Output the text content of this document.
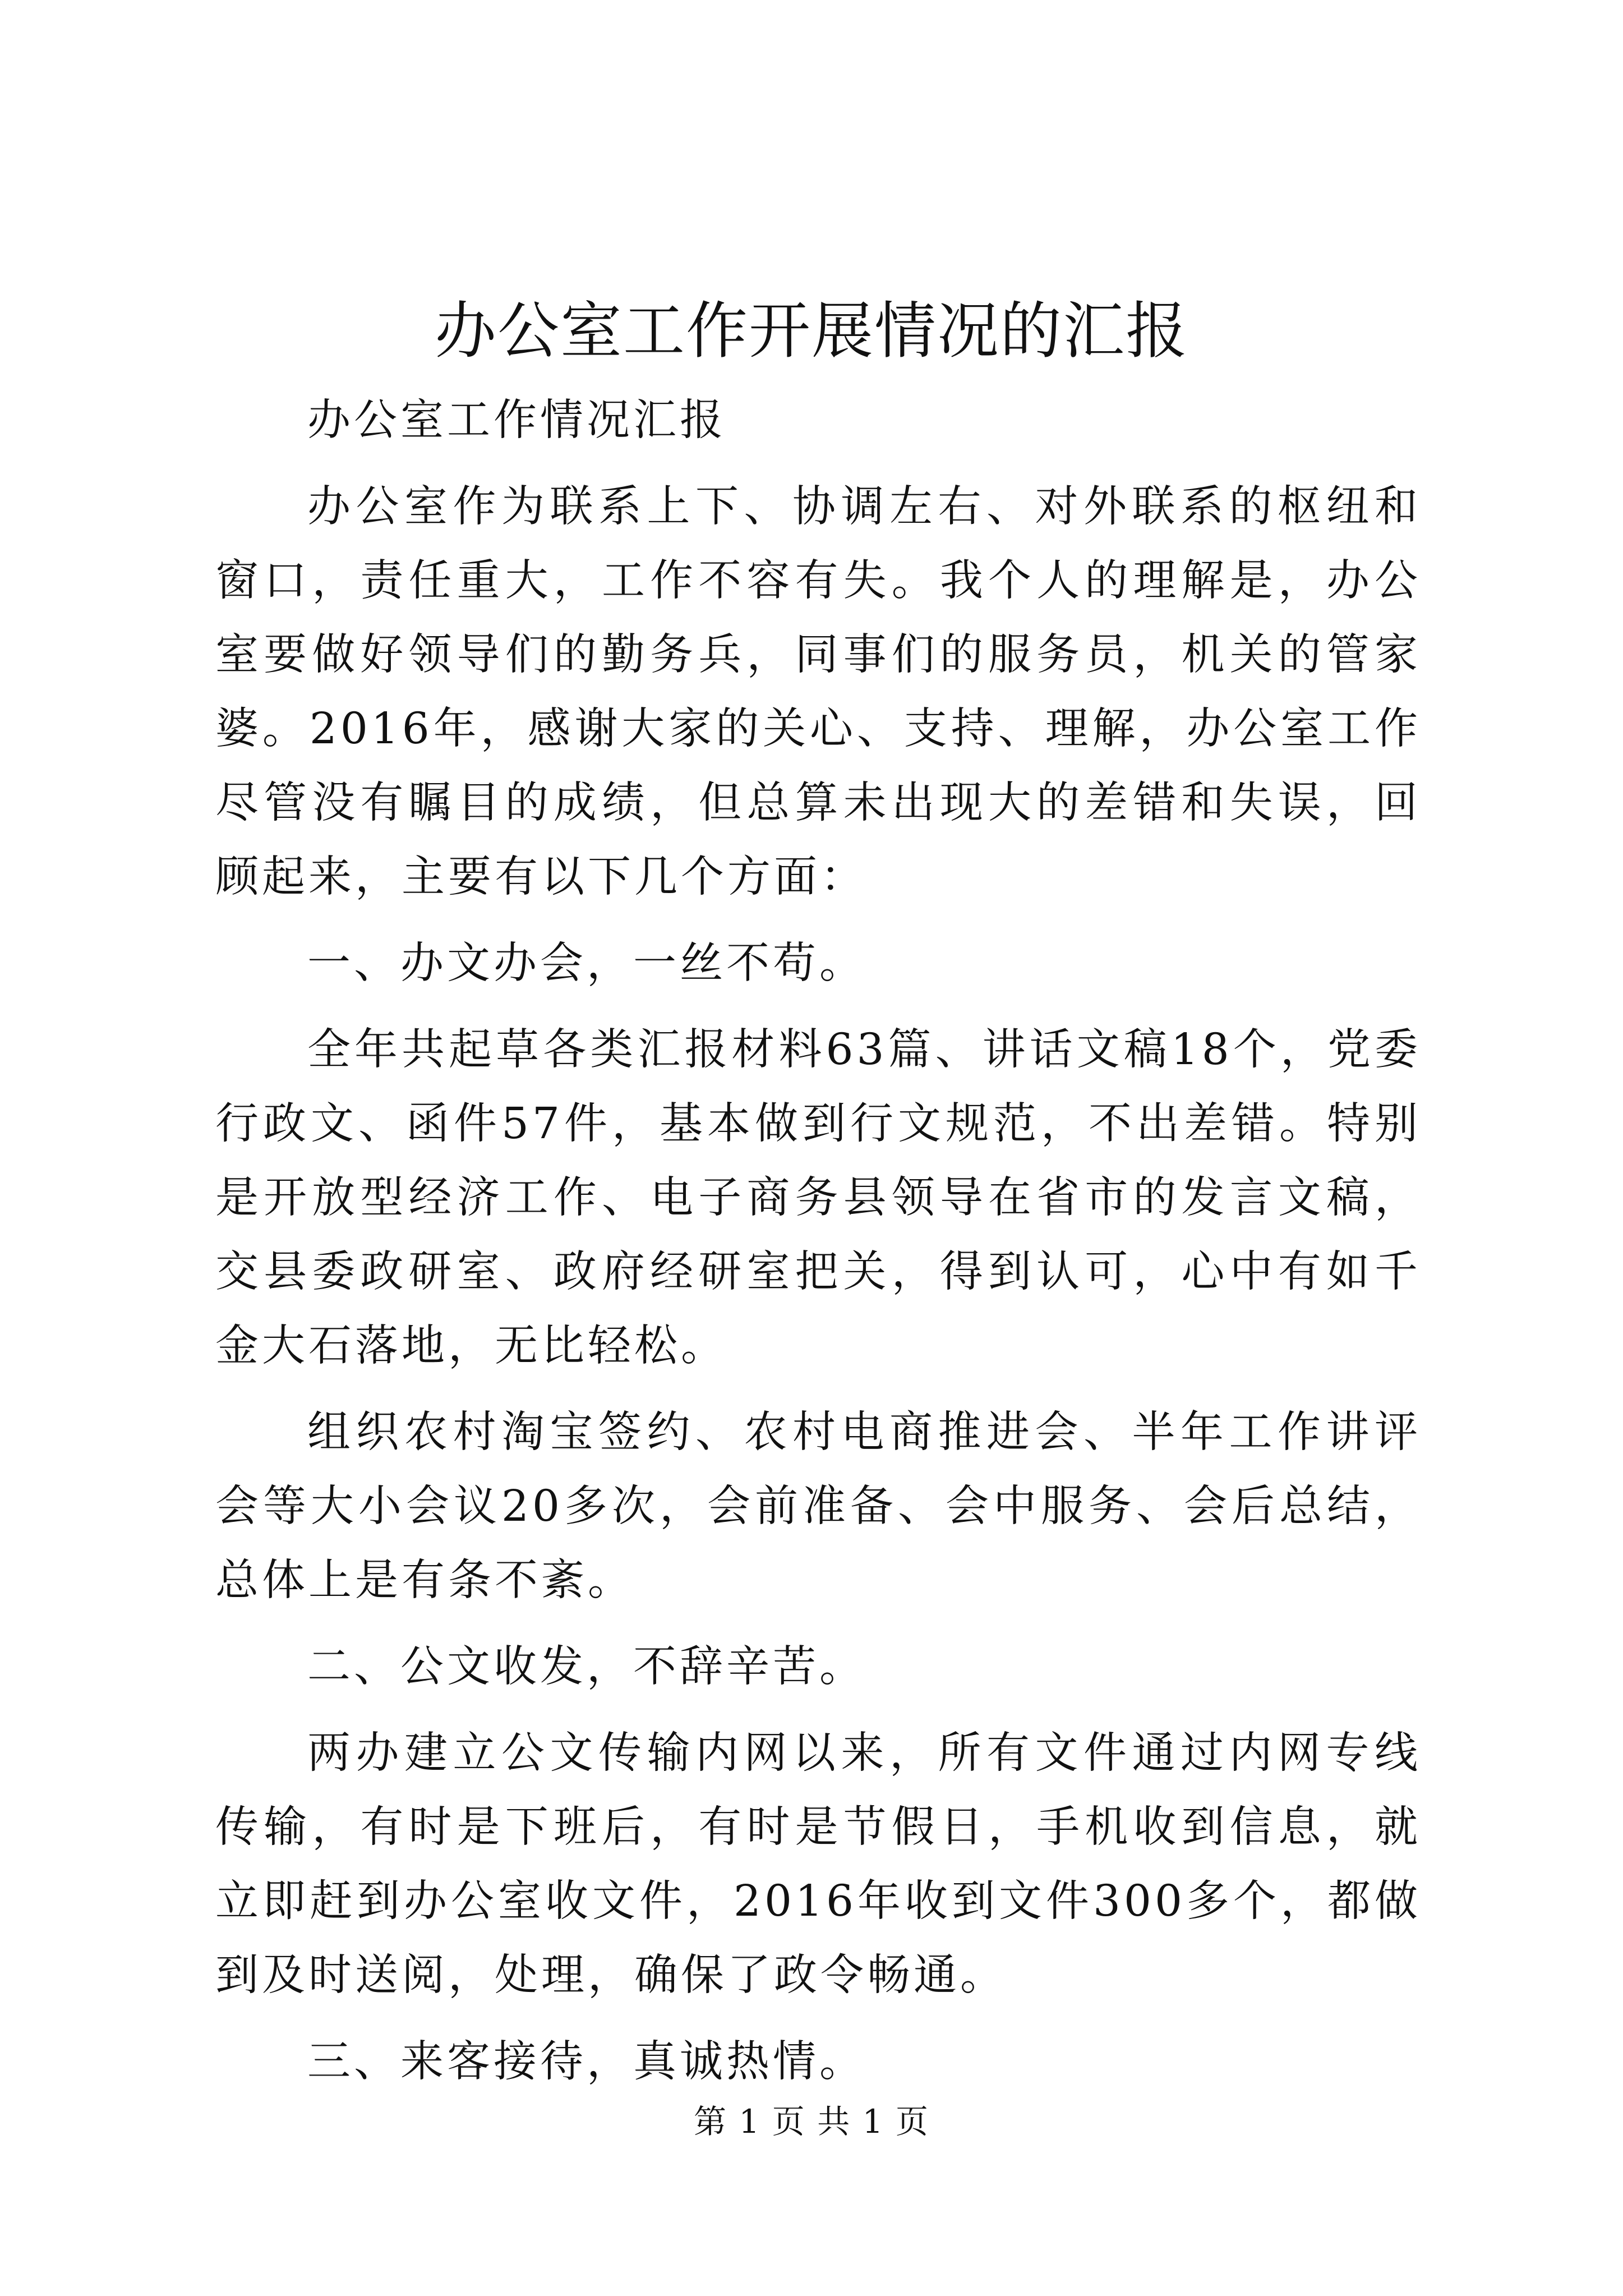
办公室工作开展情况的汇报

办公室工作情况汇报

办公室作为联系上下、协调左右、对外联系的枢纽和窗口，责任重大，工作不容有失。我个人的理解是，办公室要做好领导们的勤务兵，同事们的服务员，机关的管家婆。2016年，感谢大家的关心、支持、理解，办公室工作尽管没有瞩目的成绩，但总算未出现大的差错和失误，回顾起来，主要有以下几个方面：

一、办文办会，一丝不苟。

全年共起草各类汇报材料63篇、讲话文稿18个，党委行政文、函件57件，基本做到行文规范，不出差错。特别是开放型经济工作、电子商务县领导在省市的发言文稿，交县委政研室、政府经研室把关，得到认可，心中有如千金大石落地，无比轻松。

组织农村淘宝签约、农村电商推进会、半年工作讲评会等大小会议20多次，会前准备、会中服务、会后总结，总体上是有条不紊。

二、公文收发，不辞辛苦。

两办建立公文传输内网以来，所有文件通过内网专线传输，有时是下班后，有时是节假日，手机收到信息，就立即赶到办公室收文件，2016年收到文件300多个，都做到及时送阅，处理，确保了政令畅通。

三、来客接待，真诚热情。

第 1 页 共 1 页
